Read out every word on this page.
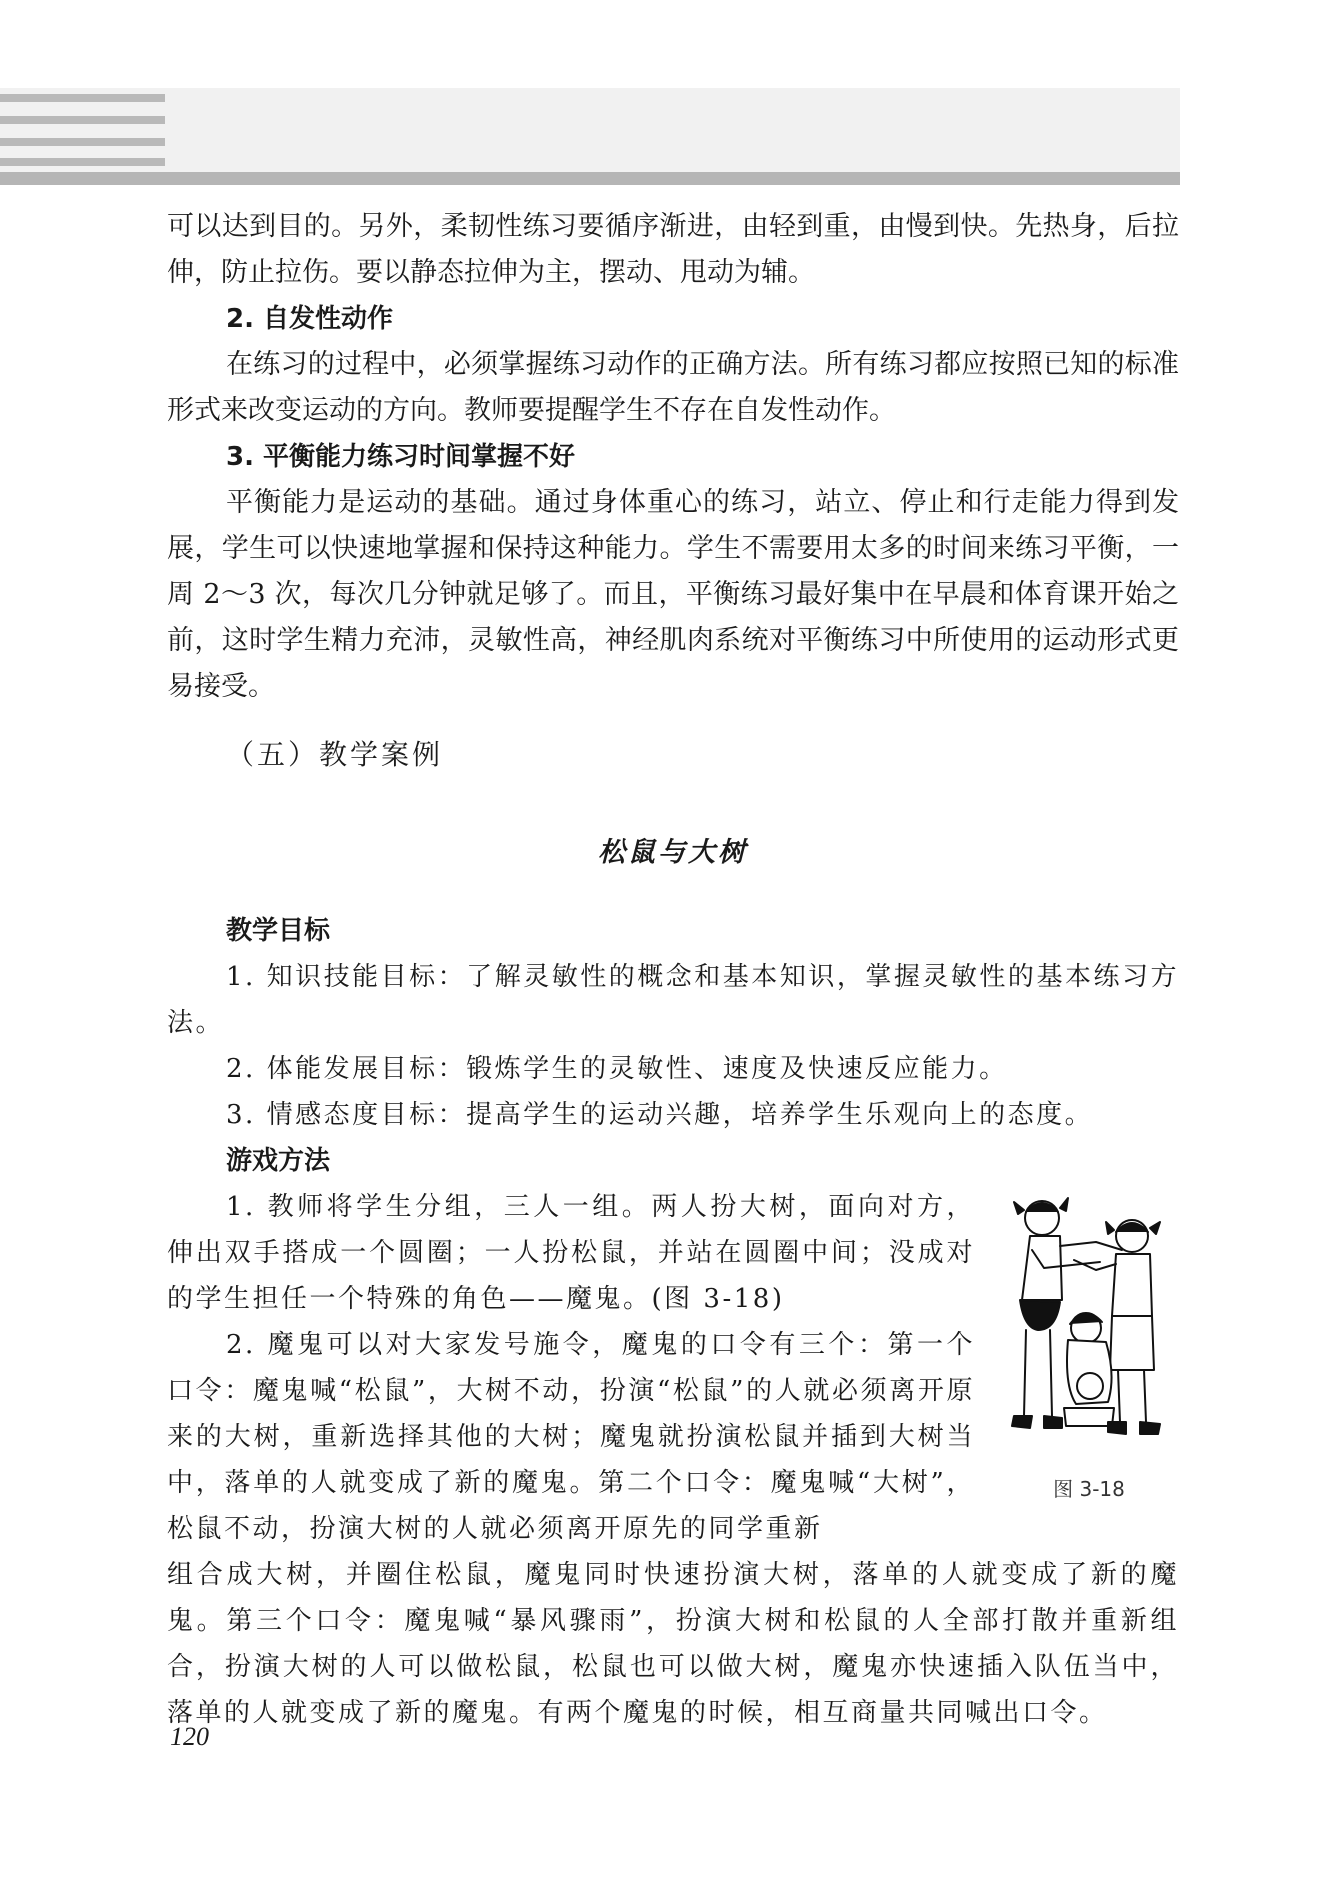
可以达到目的。另外，柔韧性练习要循序渐进，由轻到重，由慢到快。先热身，后拉伸，防止拉伤。要以静态拉伸为主，摆动、甩动为辅。

2. 自发性动作

在练习的过程中，必须掌握练习动作的正确方法。所有练习都应按照已知的标准形式来改变运动的方向。教师要提醒学生不存在自发性动作。

3. 平衡能力练习时间掌握不好

平衡能力是运动的基础。通过身体重心的练习，站立、停止和行走能力得到发展，学生可以快速地掌握和保持这种能力。学生不需要用太多的时间来练习平衡，一周 2～3 次，每次几分钟就足够了。而且，平衡练习最好集中在早晨和体育课开始之前，这时学生精力充沛，灵敏性高，神经肌肉系统对平衡练习中所使用的运动形式更易接受。

（五）教学案例

松鼠与大树

教学目标

1. 知识技能目标：了解灵敏性的概念和基本知识，掌握灵敏性的基本练习方法。

2. 体能发展目标：锻炼学生的灵敏性、速度及快速反应能力。

3. 情感态度目标：提高学生的运动兴趣，培养学生乐观向上的态度。

游戏方法

1. 教师将学生分组，三人一组。两人扮大树，面向对方，伸出双手搭成一个圆圈；一人扮松鼠，并站在圆圈中间；没成对的学生担任一个特殊的角色——魔鬼。(图 3-18)

2. 魔鬼可以对大家发号施令，魔鬼的口令有三个：第一个口令：魔鬼喊“松鼠”，大树不动，扮演“松鼠”的人就必须离开原来的大树，重新选择其他的大树；魔鬼就扮演松鼠并插到大树当中，落单的人就变成了新的魔鬼。第二个口令：魔鬼喊“大树”，松鼠不动，扮演大树的人就必须离开原先的同学重新

图 3-18

组合成大树，并圈住松鼠，魔鬼同时快速扮演大树，落单的人就变成了新的魔鬼。第三个口令：魔鬼喊“暴风骤雨”，扮演大树和松鼠的人全部打散并重新组合，扮演大树的人可以做松鼠，松鼠也可以做大树，魔鬼亦快速插入队伍当中，落单的人就变成了新的魔鬼。有两个魔鬼的时候，相互商量共同喊出口令。

120
